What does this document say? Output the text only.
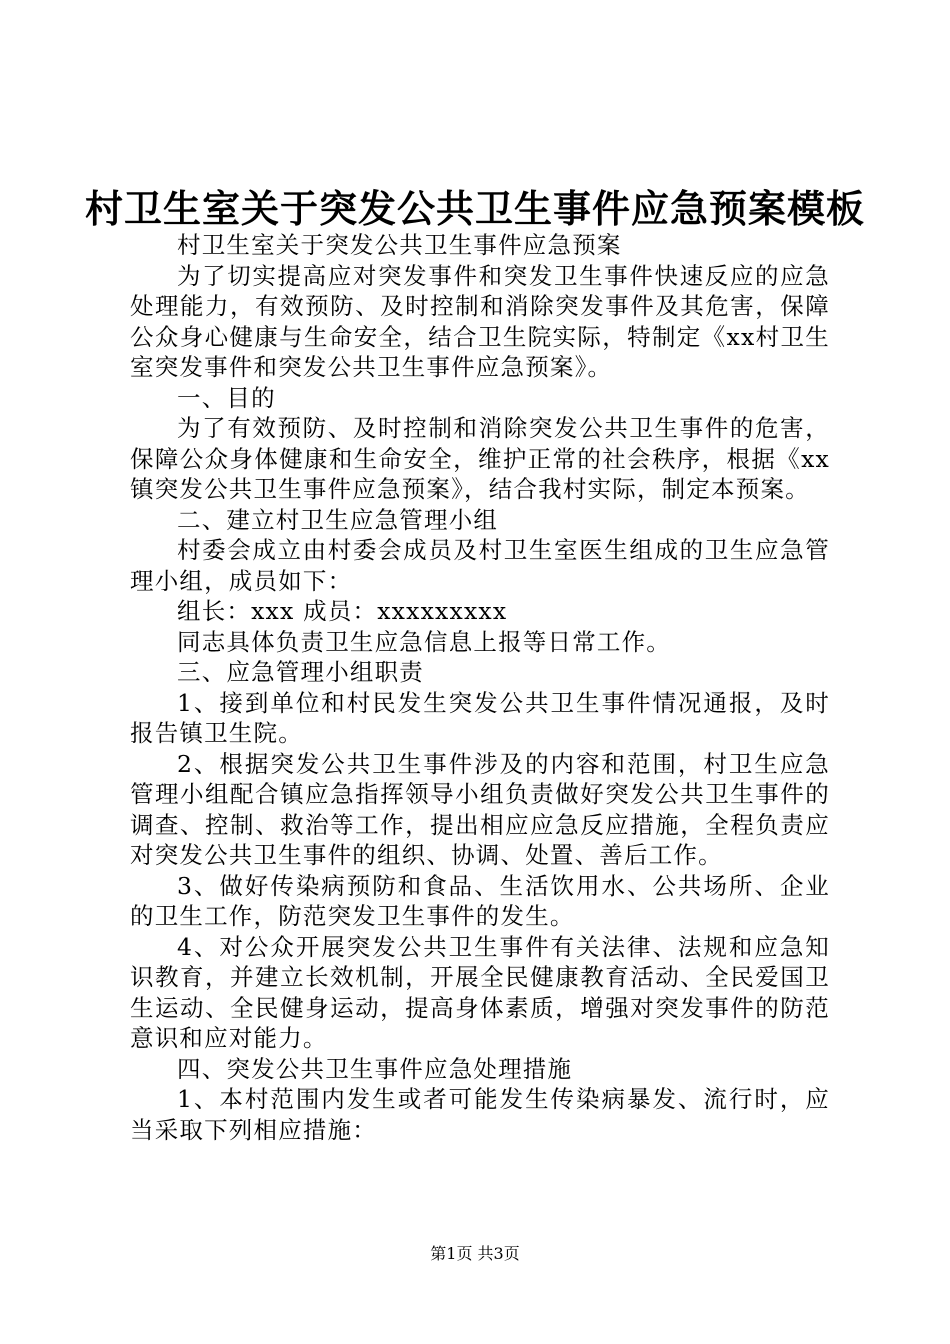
村卫生室关于突发公共卫生事件应急预案模板

村卫生室关于突发公共卫生事件应急预案

为了切实提高应对突发事件和突发卫生事件快速反应的应急处理能力，有效预防、及时控制和消除突发事件及其危害，保障公众身心健康与生命安全，结合卫生院实际，特制定《xx村卫生室突发事件和突发公共卫生事件应急预案》。

一、目的

为了有效预防、及时控制和消除突发公共卫生事件的危害，保障公众身体健康和生命安全，维护正常的社会秩序，根据《xx镇突发公共卫生事件应急预案》，结合我村实际，制定本预案。

二、建立村卫生应急管理小组

村委会成立由村委会成员及村卫生室医生组成的卫生应急管理小组，成员如下：

组长：xxx 成员：xxxxxxxxx

同志具体负责卫生应急信息上报等日常工作。

三、应急管理小组职责

1、接到单位和村民发生突发公共卫生事件情况通报，及时报告镇卫生院。

2、根据突发公共卫生事件涉及的内容和范围，村卫生应急管理小组配合镇应急指挥领导小组负责做好突发公共卫生事件的调查、控制、救治等工作，提出相应应急反应措施，全程负责应对突发公共卫生事件的组织、协调、处置、善后工作。

3、做好传染病预防和食品、生活饮用水、公共场所、企业的卫生工作，防范突发卫生事件的发生。

4、对公众开展突发公共卫生事件有关法律、法规和应急知识教育，并建立长效机制，开展全民健康教育活动、全民爱国卫生运动、全民健身运动，提高身体素质，增强对突发事件的防范意识和应对能力。

四、突发公共卫生事件应急处理措施

1、本村范围内发生或者可能发生传染病暴发、流行时，应当采取下列相应措施：

第1页 共3页
